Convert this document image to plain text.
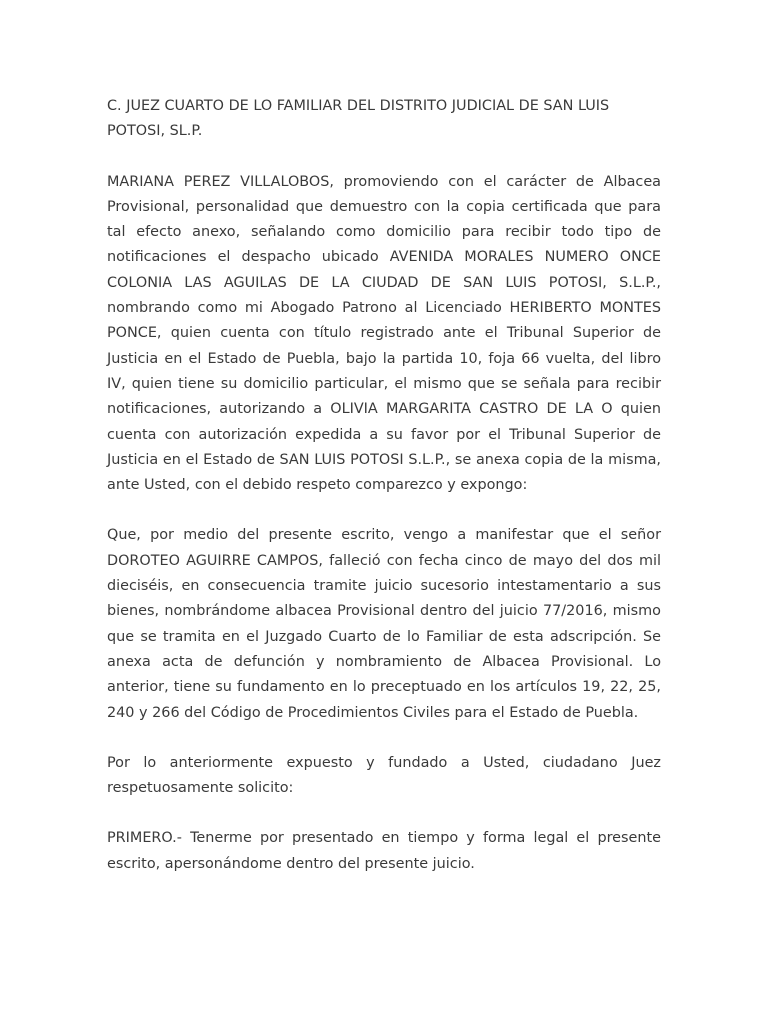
C. JUEZ CUARTO DE LO FAMILIAR DEL DISTRITO JUDICIAL DE SAN LUIS POTOSI, SL.P.

MARIANA PEREZ VILLALOBOS, promoviendo con el carácter de Albacea Provisional, personalidad que demuestro con la copia certificada que para tal efecto anexo, señalando como domicilio para recibir todo tipo de notificaciones el despacho ubicado AVENIDA MORALES NUMERO ONCE COLONIA LAS AGUILAS DE LA CIUDAD DE SAN LUIS POTOSI, S.L.P., nombrando como mi Abogado Patrono al Licenciado HERIBERTO MONTES PONCE, quien cuenta con título registrado ante el Tribunal Superior de Justicia en el Estado de Puebla, bajo la partida 10, foja 66 vuelta, del libro IV, quien tiene su domicilio particular, el mismo que se señala para recibir notificaciones, autorizando a OLIVIA MARGARITA CASTRO DE LA O quien cuenta con autorización expedida a su favor por el Tribunal Superior de Justicia en el Estado de SAN LUIS POTOSI S.L.P., se anexa copia de la misma, ante Usted, con el debido respeto comparezco y expongo:

Que, por medio del presente escrito, vengo a manifestar que el señor DOROTEO AGUIRRE CAMPOS, falleció con fecha cinco de mayo del dos mil dieciséis, en consecuencia tramite juicio sucesorio intestamentario a sus bienes, nombrándome albacea Provisional dentro del juicio 77/2016, mismo que se tramita en el Juzgado Cuarto de lo Familiar de esta adscripción. Se anexa acta de defunción y nombramiento de Albacea Provisional. Lo anterior, tiene su fundamento en lo preceptuado en los artículos 19, 22, 25, 240 y 266 del Código de Procedimientos Civiles para el Estado de Puebla.

Por lo anteriormente expuesto y fundado a Usted, ciudadano Juez respetuosamente solicito:

PRIMERO.- Tenerme por presentado en tiempo y forma legal el presente escrito, apersonándome dentro del presente juicio.
